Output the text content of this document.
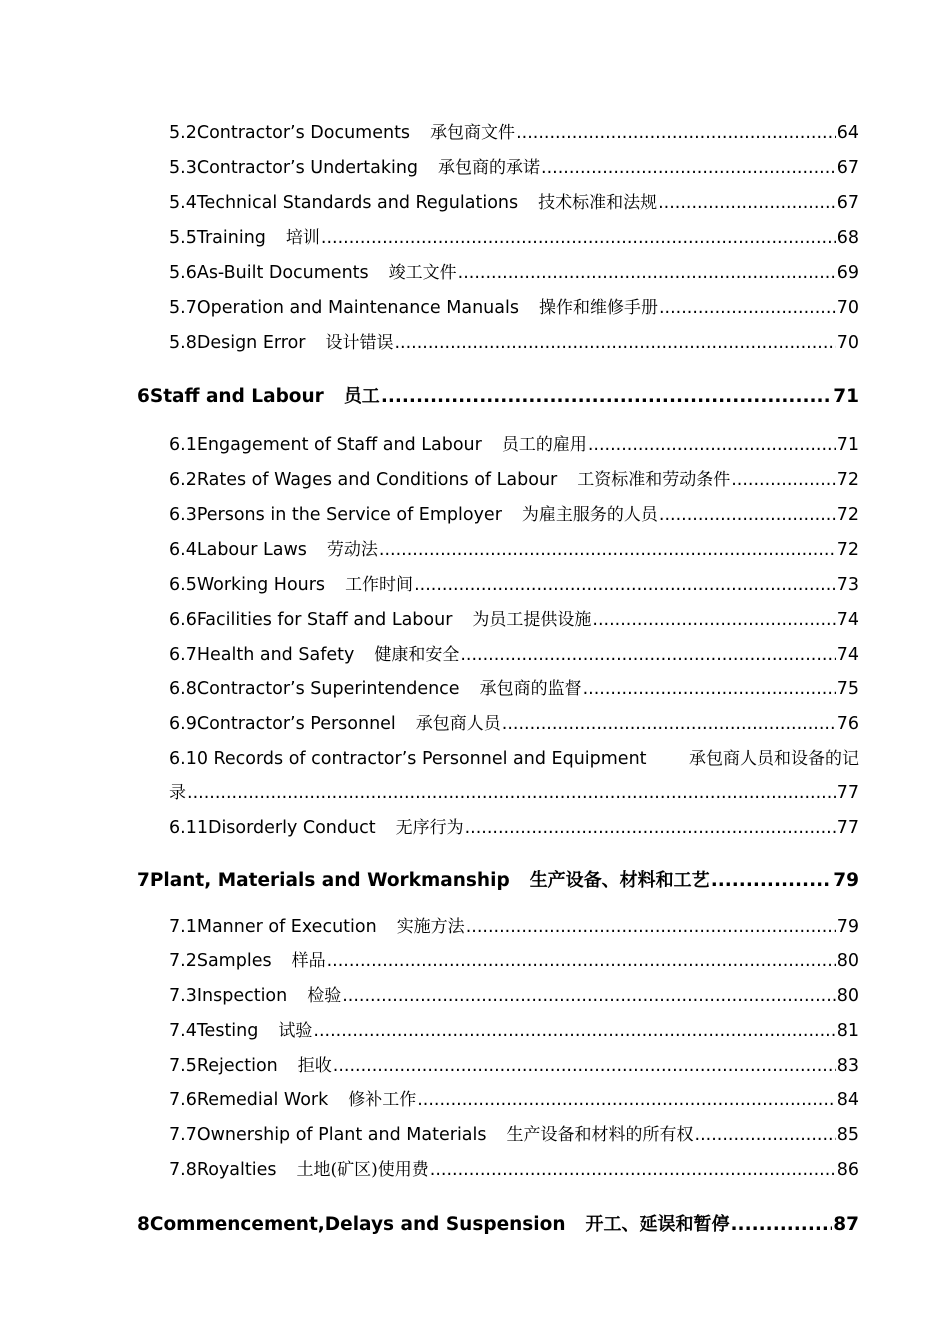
5.2 Contractor’s Documents 承包商文件 .....	64
5.3 Contractor’s Undertaking 承包商的承诺 .....	67
5.4 Technical Standards and Regulations 技术标准和法规 .....	67
5.5 Training 培训 .....	68
5.6 As-Built Documents 竣工文件 .....	69
5.7 Operation and Maintenance Manuals 操作和维修手册 .....	70
5.8 Design Error 设计错误 .....	70
6 Staff and Labour 员工 .....	71
6.1 Engagement of Staff and Labour 员工的雇用 .....	71
6.2 Rates of Wages and Conditions of Labour 工资标准和劳动条件 .....	72
6.3 Persons in the Service of Employer 为雇主服务的人员 .....	72
6.4 Labour Laws 劳动法 .....	72
6.5 Working Hours 工作时间 .....	73
6.6 Facilities for Staff and Labour 为员工提供设施 .....	74
6.7 Health and Safety 健康和安全 .....	74
6.8 Contractor’s Superintendence 承包商的监督 .....	75
6.9 Contractor’s Personnel 承包商人员 .....	76
6.10 Records of contractor’s Personnel and Equipment 承包商人员和设备的记
录 .....	77
6.11 Disorderly Conduct 无序行为 .....	77
7 Plant, Materials and Workmanship 生产设备、材料和工艺 .....	79
7.1 Manner of Execution 实施方法 .....	79
7.2 Samples 样品 .....	80
7.3 Inspection 检验 .....	80
7.4 Testing 试验 .....	81
7.5 Rejection 拒收 .....	83
7.6 Remedial Work 修补工作 .....	84
7.7 Ownership of Plant and Materials 生产设备和材料的所有权 .....	85
7.8 Royalties 土地(矿区)使用费 .....	86
8 Commencement,Delays and Suspension 开工、延误和暂停 .....	87
